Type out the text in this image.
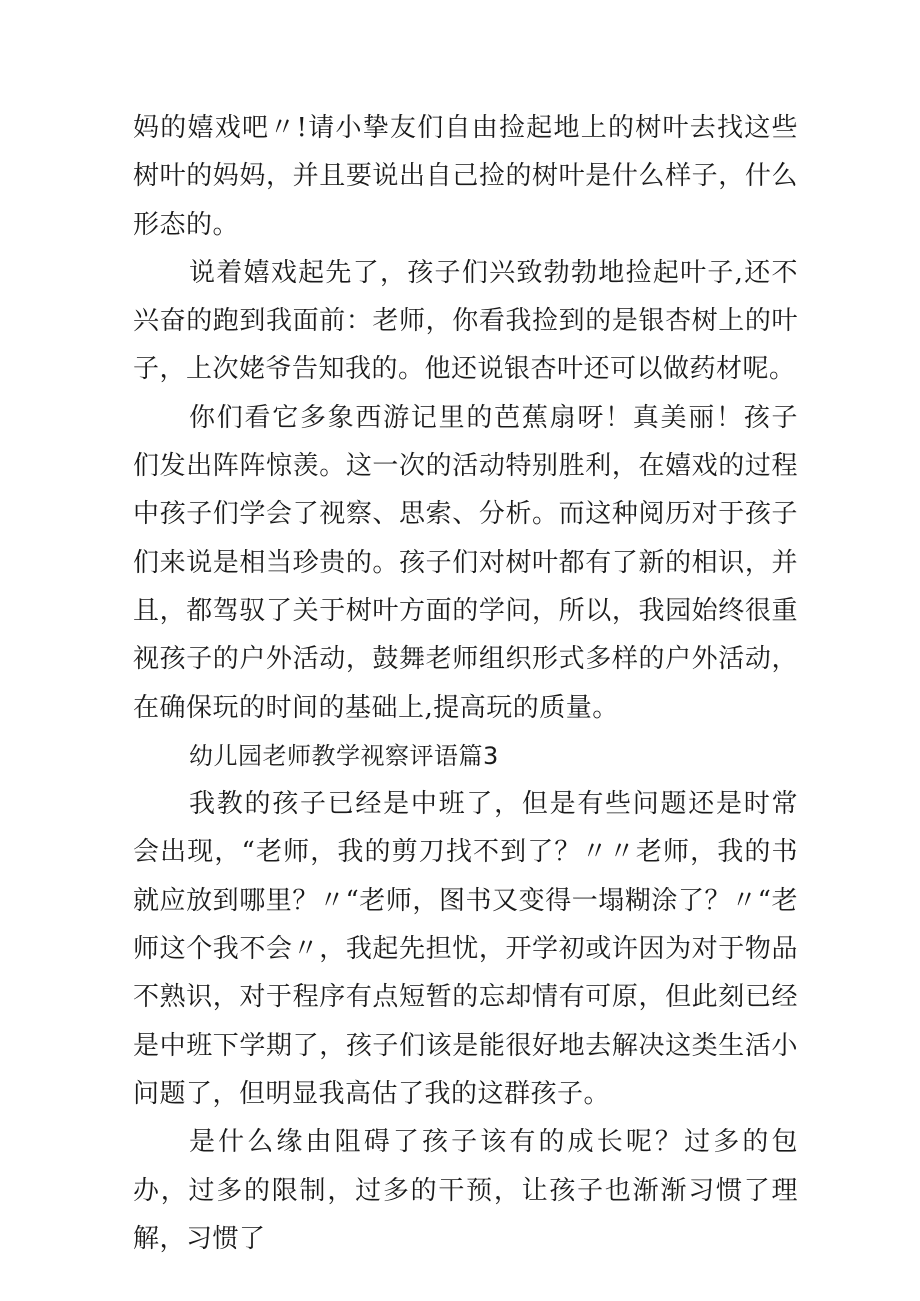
妈的嬉戏吧〃!请小挚友们自由捡起地上的树叶去找这些树叶的妈妈，并且要说出自己捡的树叶是什么样子，什么形态的。

说着嬉戏起先了，孩子们兴致勃勃地捡起叶子,还不兴奋的跑到我面前：老师，你看我捡到的是银杏树上的叶子，上次姥爷告知我的。他还说银杏叶还可以做药材呢。

你们看它多象西游记里的芭蕉扇呀！真美丽！孩子们发出阵阵惊羡。这一次的活动特别胜利，在嬉戏的过程中孩子们学会了视察、思索、分析。而这种阅历对于孩子们来说是相当珍贵的。孩子们对树叶都有了新的相识，并且，都驾驭了关于树叶方面的学问，所以，我园始终很重视孩子的户外活动，鼓舞老师组织形式多样的户外活动，在确保玩的时间的基础上,提高玩的质量。

幼儿园老师教学视察评语篇3

我教的孩子已经是中班了，但是有些问题还是时常会出现，“老师，我的剪刀找不到了？〃〃老师，我的书就应放到哪里？〃“老师，图书又变得一塌糊涂了？〃“老师这个我不会〃，我起先担忧，开学初或许因为对于物品不熟识，对于程序有点短暂的忘却情有可原，但此刻已经是中班下学期了，孩子们该是能很好地去解决这类生活小问题了，但明显我高估了我的这群孩子。

是什么缘由阻碍了孩子该有的成长呢？过多的包办，过多的限制，过多的干预，让孩子也渐渐习惯了理解，习惯了
